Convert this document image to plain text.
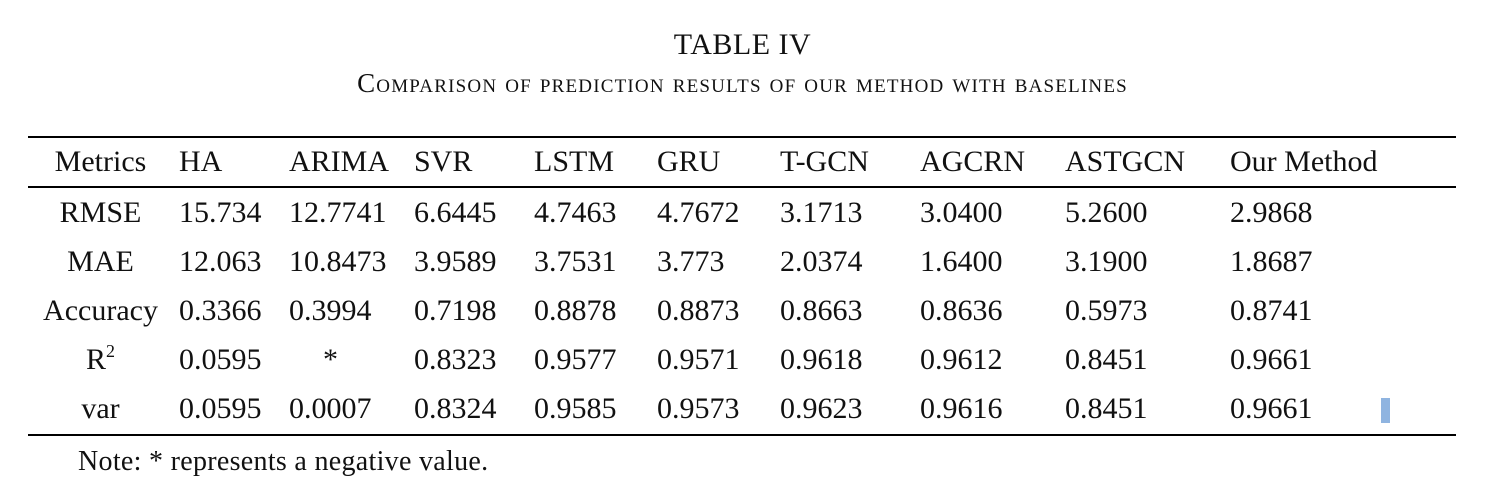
TABLE IV
Comparison of prediction results of our method with baselines
Metrics	HA	ARIMA	SVR	LSTM	GRU	T-GCN	AGCRN	ASTGCN	Our Method
RMSE	15.734	12.7741	6.6445	4.7463	4.7672	3.1713	3.0400	5.2600	2.9868
MAE	12.063	10.8473	3.9589	3.7531	3.773	2.0374	1.6400	3.1900	1.8687
Accuracy	0.3366	0.3994	0.7198	0.8878	0.8873	0.8663	0.8636	0.5973	0.8741
$R^2$	0.0595	*	0.8323	0.9577	0.9571	0.9618	0.9612	0.8451	0.9661
var	0.0595	0.0007	0.8324	0.9585	0.9573	0.9623	0.9616	0.8451	0.9661
Note: * represents a negative value.
